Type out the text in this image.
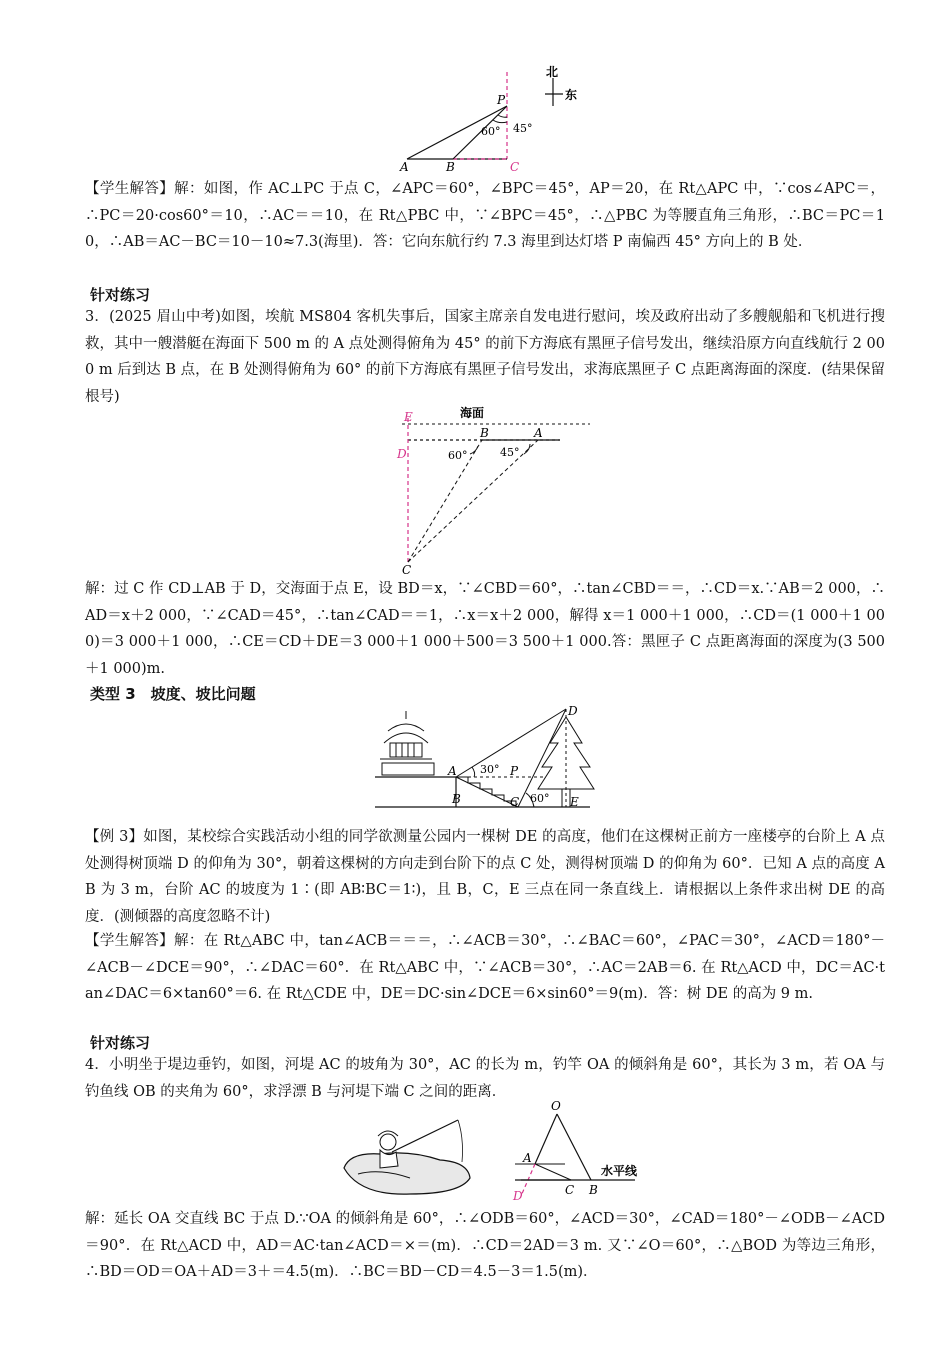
北
东
P
60° 45°
A	B	C
【学生解答】解：如图，作 AC⊥PC 于点 C，∠APC＝60°，∠BPC＝45°，AP＝20，在 Rt△APC 中，∵cos∠APC＝，∴PC＝20·cos60°＝10，∴AC＝＝10，在 Rt△PBC 中，∵∠BPC＝45°，∴△PBC 为等腰直角三角形，∴BC＝PC＝10，∴AB＝AC－BC＝10－10≈7.3(海里)．答：它向东航行约 7.3 海里到达灯塔 P 南偏西 45° 方向上的 B 处．
针对练习
3．(2025 眉山中考)如图，埃航 MS804 客机失事后，国家主席亲自发电进行慰问，埃及政府出动了多艘舰船和飞机进行搜救，其中一艘潜艇在海面下 500 m 的 A 点处测得俯角为 45° 的前下方海底有黑匣子信号发出，继续沿原方向直线航行 2 000 m 后到达 B 点，在 B 处测得俯角为 60° 的前下方海底有黑匣子信号发出，求海底黑匣子 C 点距离海面的深度．(结果保留根号)
海面
E
D
B	A
60°	45°
C
解：过 C 作 CD⊥AB 于 D，交海面于点 E，设 BD＝x，∵∠CBD＝60°，∴tan∠CBD＝＝，∴CD＝x.∵AB＝2 000，∴AD＝x＋2 000，∵∠CAD＝45°，∴tan∠CAD＝＝1，∴x＝x＋2 000，解得 x＝1 000＋1 000，∴CD＝(1 000＋1 000)＝3 000＋1 000，∴CE＝CD＋DE＝3 000＋1 000＋500＝3 500＋1 000.答：黑匣子 C 点距离海面的深度为(3 500＋1 000)m.
类型 3　坡度、坡比问题
D
A 30° P
B	60°
C	E
【例 3】如图，某校综合实践活动小组的同学欲测量公园内一棵树 DE 的高度，他们在这棵树正前方一座楼亭的台阶上 A 点处测得树顶端 D 的仰角为 30°，朝着这棵树的方向走到台阶下的点 C 处，测得树顶端 D 的仰角为 60°．已知 A 点的高度 AB 为 3 m，台阶 AC 的坡度为 1∶(即 AB∶BC＝1∶)，且 B，C，E 三点在同一条直线上．请根据以上条件求出树 DE 的高度．(测倾器的高度忽略不计)
【学生解答】解：在 Rt△ABC 中，tan∠ACB＝＝＝，∴∠ACB＝30°，∴∠BAC＝60°，∠PAC＝30°，∠ACD＝180°－∠ACB－∠DCE＝90°，∴∠DAC＝60°．在 Rt△ABC 中，∵∠ACB＝30°，∴AC＝2AB＝6. 在 Rt△ACD 中，DC＝AC·tan∠DAC＝6×tan60°＝6. 在 Rt△CDE 中，DE＝DC·sin∠DCE＝6×sin60°＝9(m)．答：树 DE 的高为 9 m.
针对练习
4．小明坐于堤边垂钓，如图，河堤 AC 的坡角为 30°，AC 的长为 m，钓竿 OA 的倾斜角是 60°，其长为 3 m，若 OA 与钓鱼线 OB 的夹角为 60°，求浮漂 B 与河堤下端 C 之间的距离．
O
A
水平线
D	C B
解：延长 OA 交直线 BC 于点 D.∵OA 的倾斜角是 60°，∴∠ODB＝60°，∠ACD＝30°，∠CAD＝180°－∠ODB－∠ACD＝90°．在 Rt△ACD 中，AD＝AC·tan∠ACD＝×＝(m)．∴CD＝2AD＝3 m. 又∵∠O＝60°，∴△BOD 为等边三角形，∴BD＝OD＝OA＋AD＝3＋＝4.5(m)．∴BC＝BD－CD＝4.5－3＝1.5(m)．
